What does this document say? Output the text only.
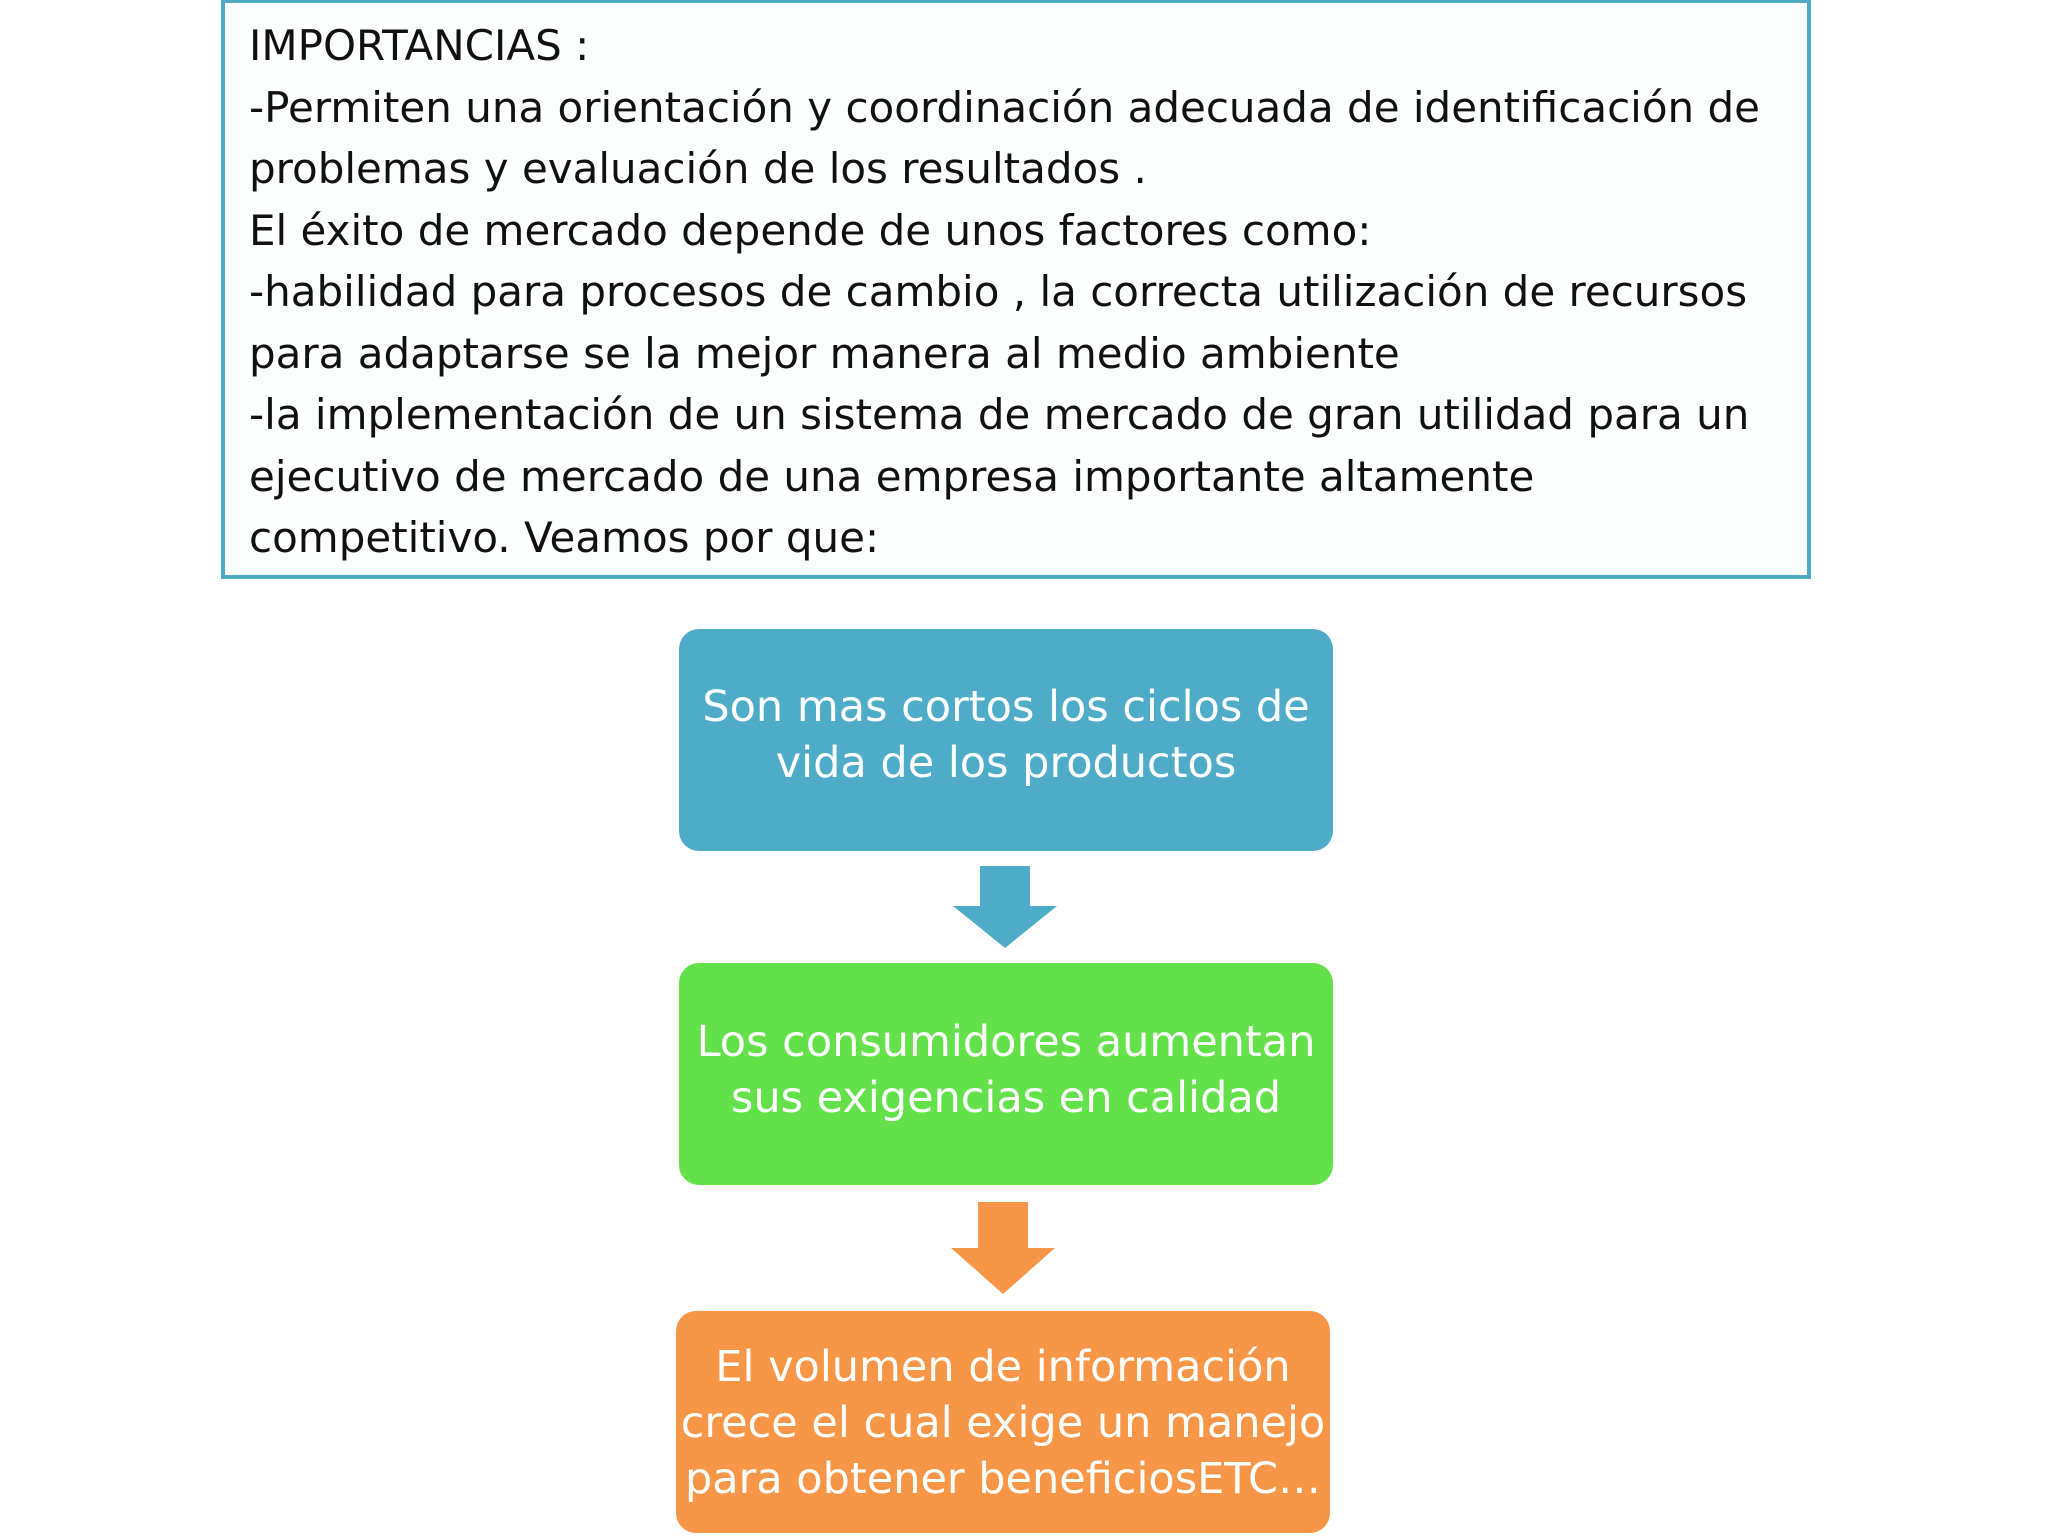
IMPORTANCIAS :
-Permiten una orientación y coordinación adecuada de identificación de
problemas y evaluación de los resultados .
El éxito de mercado depende de unos factores como:
-habilidad para procesos de cambio , la correcta utilización de recursos
para adaptarse se la mejor manera al medio ambiente
-la implementación de un sistema de mercado de gran utilidad para un
ejecutivo de mercado de una empresa importante altamente
competitivo. Veamos por que:
Son mas cortos los ciclos de
vida de los productos
Los consumidores aumentan
sus exigencias en calidad
El volumen de información
crece el cual exige un manejo
para obtener beneficiosETC…
